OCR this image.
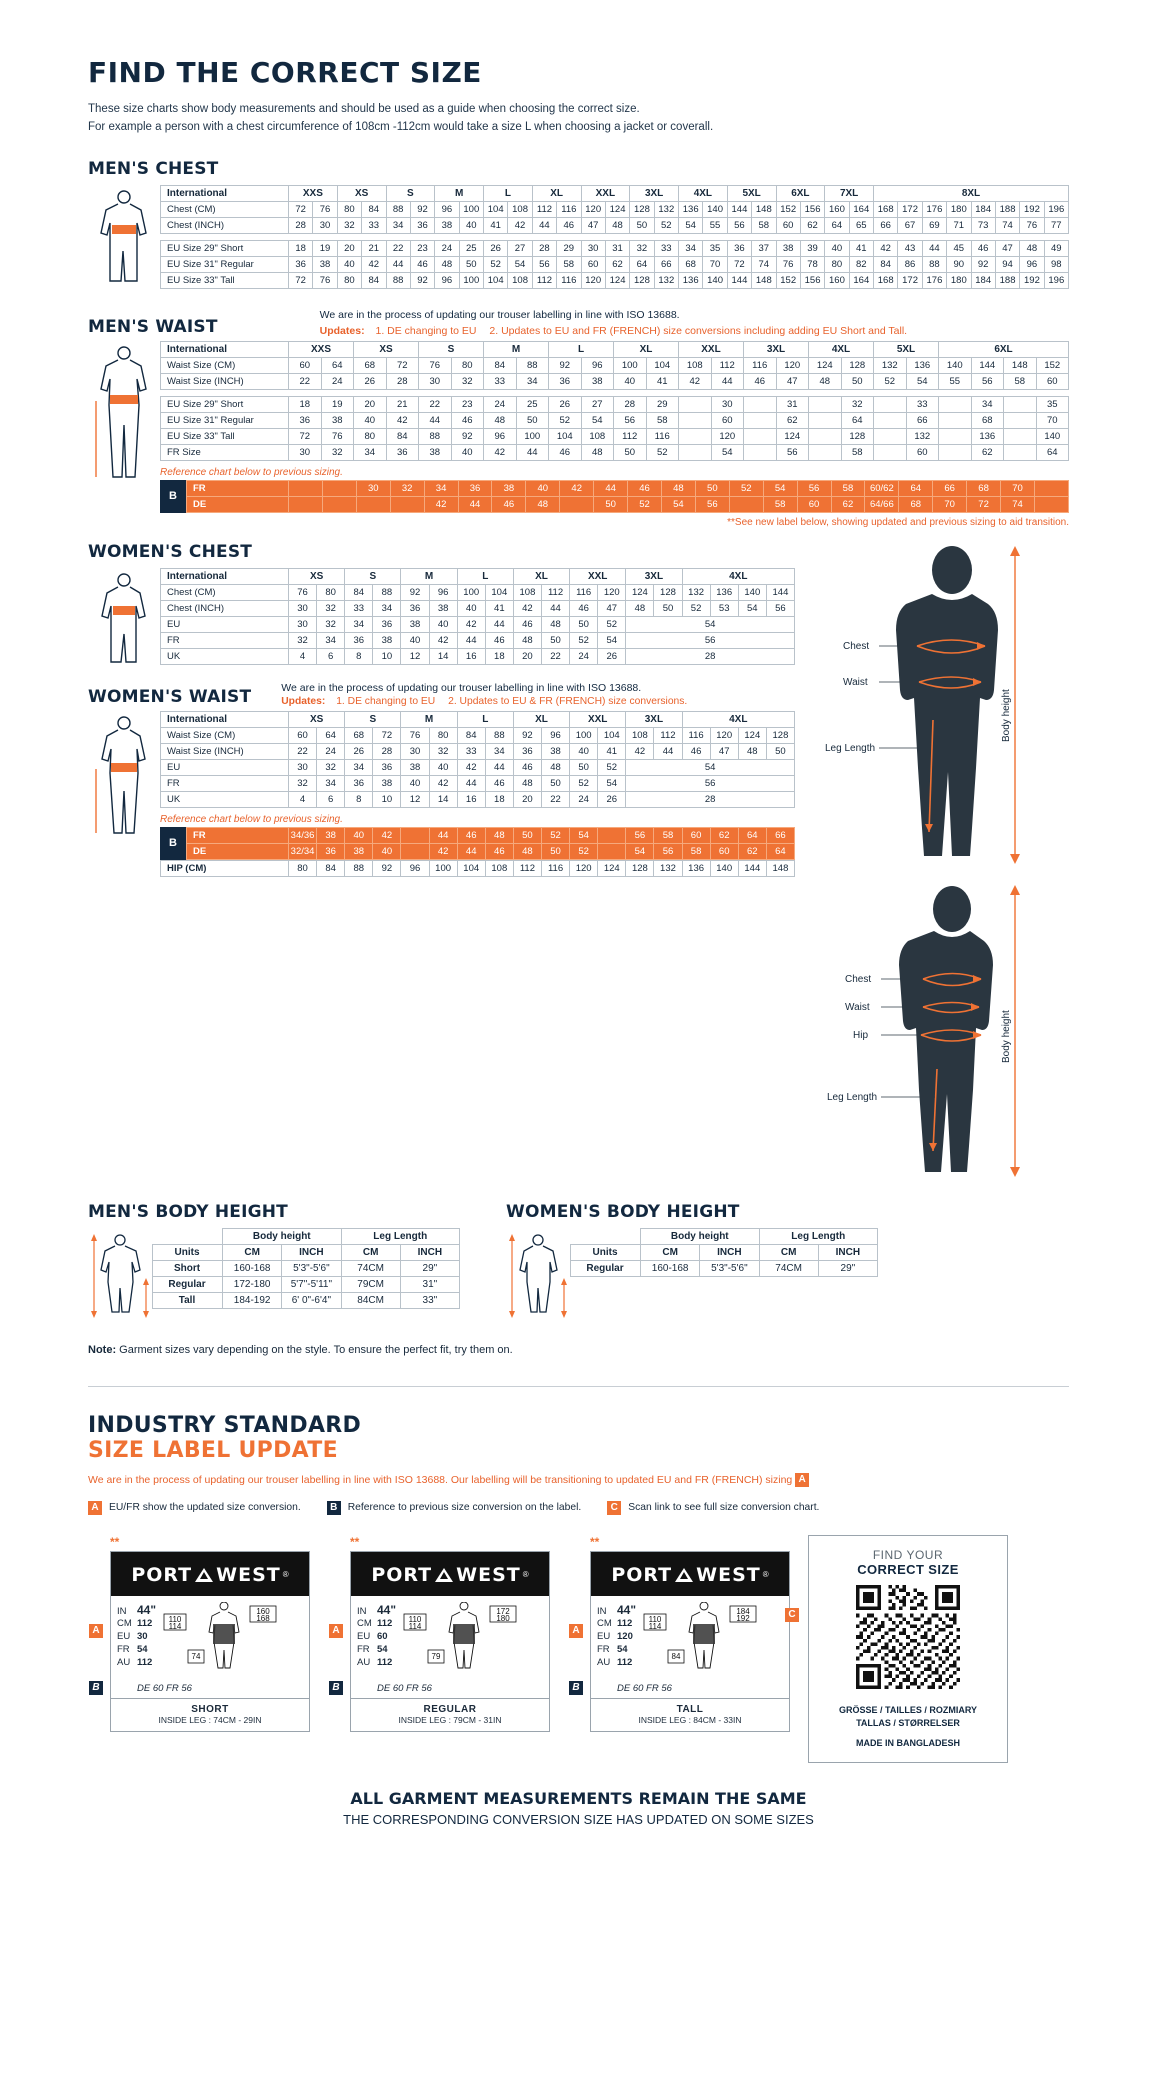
FIND THE CORRECT SIZE
These size charts show body measurements and should be used as a guide when choosing the correct size.
For example a person with a chest circumference of 108cm -112cm would take a size L when choosing a jacket or coverall.
MEN'S CHEST
International	XXS		XS		S		M		L		XL		XXL		3XL		4XL		5XL		6XL		7XL		8XL							
Chest (CM)	72	76	80	84	88	92	96	100	104	108	112	116	120	124	128	132	136	140	144	148	152	156	160	164	168	172	176	180	184	188	192	196
Chest (INCH)	28	30	32	33	34	36	38	40	41	42	44	46	47	48	50	52	54	55	56	58	60	62	64	65	66	67	69	71	73	74	76	77

EU Size 29" Short	18	19	20	21	22	23	24	25	26	27	28	29	30	31	32	33	34	35	36	37	38	39	40	41	42	43	44	45	46	47	48	49
EU Size 31" Regular	36	38	40	42	44	46	48	50	52	54	56	58	60	62	64	66	68	70	72	74	76	78	80	82	84	86	88	90	92	94	96	98
EU Size 33" Tall	72	76	80	84	88	92	96	100	104	108	112	116	120	124	128	132	136	140	144	148	152	156	160	164	168	172	176	180	184	188	192	196
MEN'S WAIST
We are in the process of updating our trouser labelling in line with ISO 13688.
Updates: 1. DE changing to EU 2. Updates to EU and FR (FRENCH) size conversions including adding EU Short and Tall.
International	XXS		XS		S		M		L		XL		XXL		3XL		4XL		5XL		6XL			
Waist Size (CM)	60	64	68	72	76	80	84	88	92	96	100	104	108	112	116	120	124	128	132	136	140	144	148	152
Waist Size (INCH)	22	24	26	28	30	32	33	34	36	38	40	41	42	44	46	47	48	50	52	54	55	56	58	60

EU Size 29" Short	18	19	20	21	22	23	24	25	26	27	28	29		30		31		32		33		34		35
EU Size 31" Regular	36	38	40	42	44	46	48	50	52	54	56	58		60		62		64		66		68		70
EU Size 33" Tall	72	76	80	84	88	92	96	100	104	108	112	116		120		124		128		132		136		140
FR Size	30	32	34	36	38	40	42	44	46	48	50	52		54		56		58		60		62		64
Reference chart below to previous sizing.
B
FR			30	32	34	36	38	40	42	44	46	48	50	52	54	56	58	60/62	64	66	68	70	
DE					42	44	46	48		50	52	54	56		58	60	62	64/66	68	70	72	74	
**See new label below, showing updated and previous sizing to aid transition.
WOMEN'S CHEST
International	XS		S		M		L		XL		XXL		3XL		4XL			
Chest (CM)	76	80	84	88	92	96	100	104	108	112	116	120	124	128	132	136	140	144
Chest (INCH)	30	32	33	34	36	38	40	41	42	44	46	47	48	50	52	53	54	56
EU	30	32	34	36	38	40	42	44	46	48	50	52	54					
FR	32	34	36	38	40	42	44	46	48	50	52	54	56					
UK	4	6	8	10	12	14	16	18	20	22	24	26	28					
WOMEN'S WAIST	We are in the process of updating our trouser labelling in line with ISO 13688.
Updates: 1. DE changing to EU 2. Updates to EU & FR (FRENCH) size conversions.
International	XS		S		M		L		XL		XXL		3XL		4XL			
Waist Size (CM)	60	64	68	72	76	80	84	88	92	96	100	104	108	112	116	120	124	128
Waist Size (INCH)	22	24	26	28	30	32	33	34	36	38	40	41	42	44	46	47	48	50
EU	30	32	34	36	38	40	42	44	46	48	50	52	54					
FR	32	34	36	38	40	42	44	46	48	50	52	54	56					
UK	4	6	8	10	12	14	16	18	20	22	24	26	28					
Reference chart below to previous sizing.
B
FR	34/36	38	40	42		44	46	48	50	52	54		56	58	60	62	64	66
DE	32/34	36	38	40		42	44	46	48	50	52		54	56	58	60	62	64
HIP (CM)	80	84	88	92	96	100	104	108	112	116	120	124	128	132	136	140	144	148
Chest
Waist
Leg Length
Body height
Chest
Waist
Hip
Leg Length
Body height
MEN'S BODY HEIGHT
	Body height		Leg Length	
Units	CM	INCH	CM	INCH
Short	160-168	5'3"-5'6"	74CM	29"
Regular	172-180	5'7"-5'11"	79CM	31"
Tall	184-192	6' 0"-6'4"	84CM	33"
WOMEN'S BODY HEIGHT
	Body height		Leg Length	
Units	CM	INCH	CM	INCH
Regular	160-168	5'3"-5'6"	74CM	29"
Note: Garment sizes vary depending on the style. To ensure the perfect fit, try them on.
INDUSTRY STANDARD
SIZE LABEL UPDATE
We are in the process of updating our trouser labelling in line with ISO 13688. Our labelling will be transitioning to updated EU and FR (FRENCH) sizing A
A	EU/FR show the updated size conversion.	B	Reference to previous size conversion on the label.	C	Scan link to see full size conversion chart.
**
PORT WEST ®
A
IN 44"
CM 112
EU 30
FR 54
AU 112
110
114
160
168
74
B	DE 60 FR 56
SHORT
INSIDE LEG : 74CM - 29IN
**
PORT WEST ®
A
IN 44"
CM 112
EU 60
FR 54
AU 112
110
114
172
180
79
B	DE 60 FR 56
REGULAR
INSIDE LEG : 79CM - 31IN
**
PORT WEST ®
A
IN 44"
CM 112
EU 120
FR 54
AU 112
110
114
184
192
84
B	DE 60 FR 56
TALL
INSIDE LEG : 84CM - 33IN
C
FIND YOUR
CORRECT SIZE
GRÖSSE / TAILLES / ROZMIARY
TALLAS / STØRRELSER
MADE IN BANGLADESH
ALL GARMENT MEASUREMENTS REMAIN THE SAME
THE CORRESPONDING CONVERSION SIZE HAS UPDATED ON SOME SIZES
